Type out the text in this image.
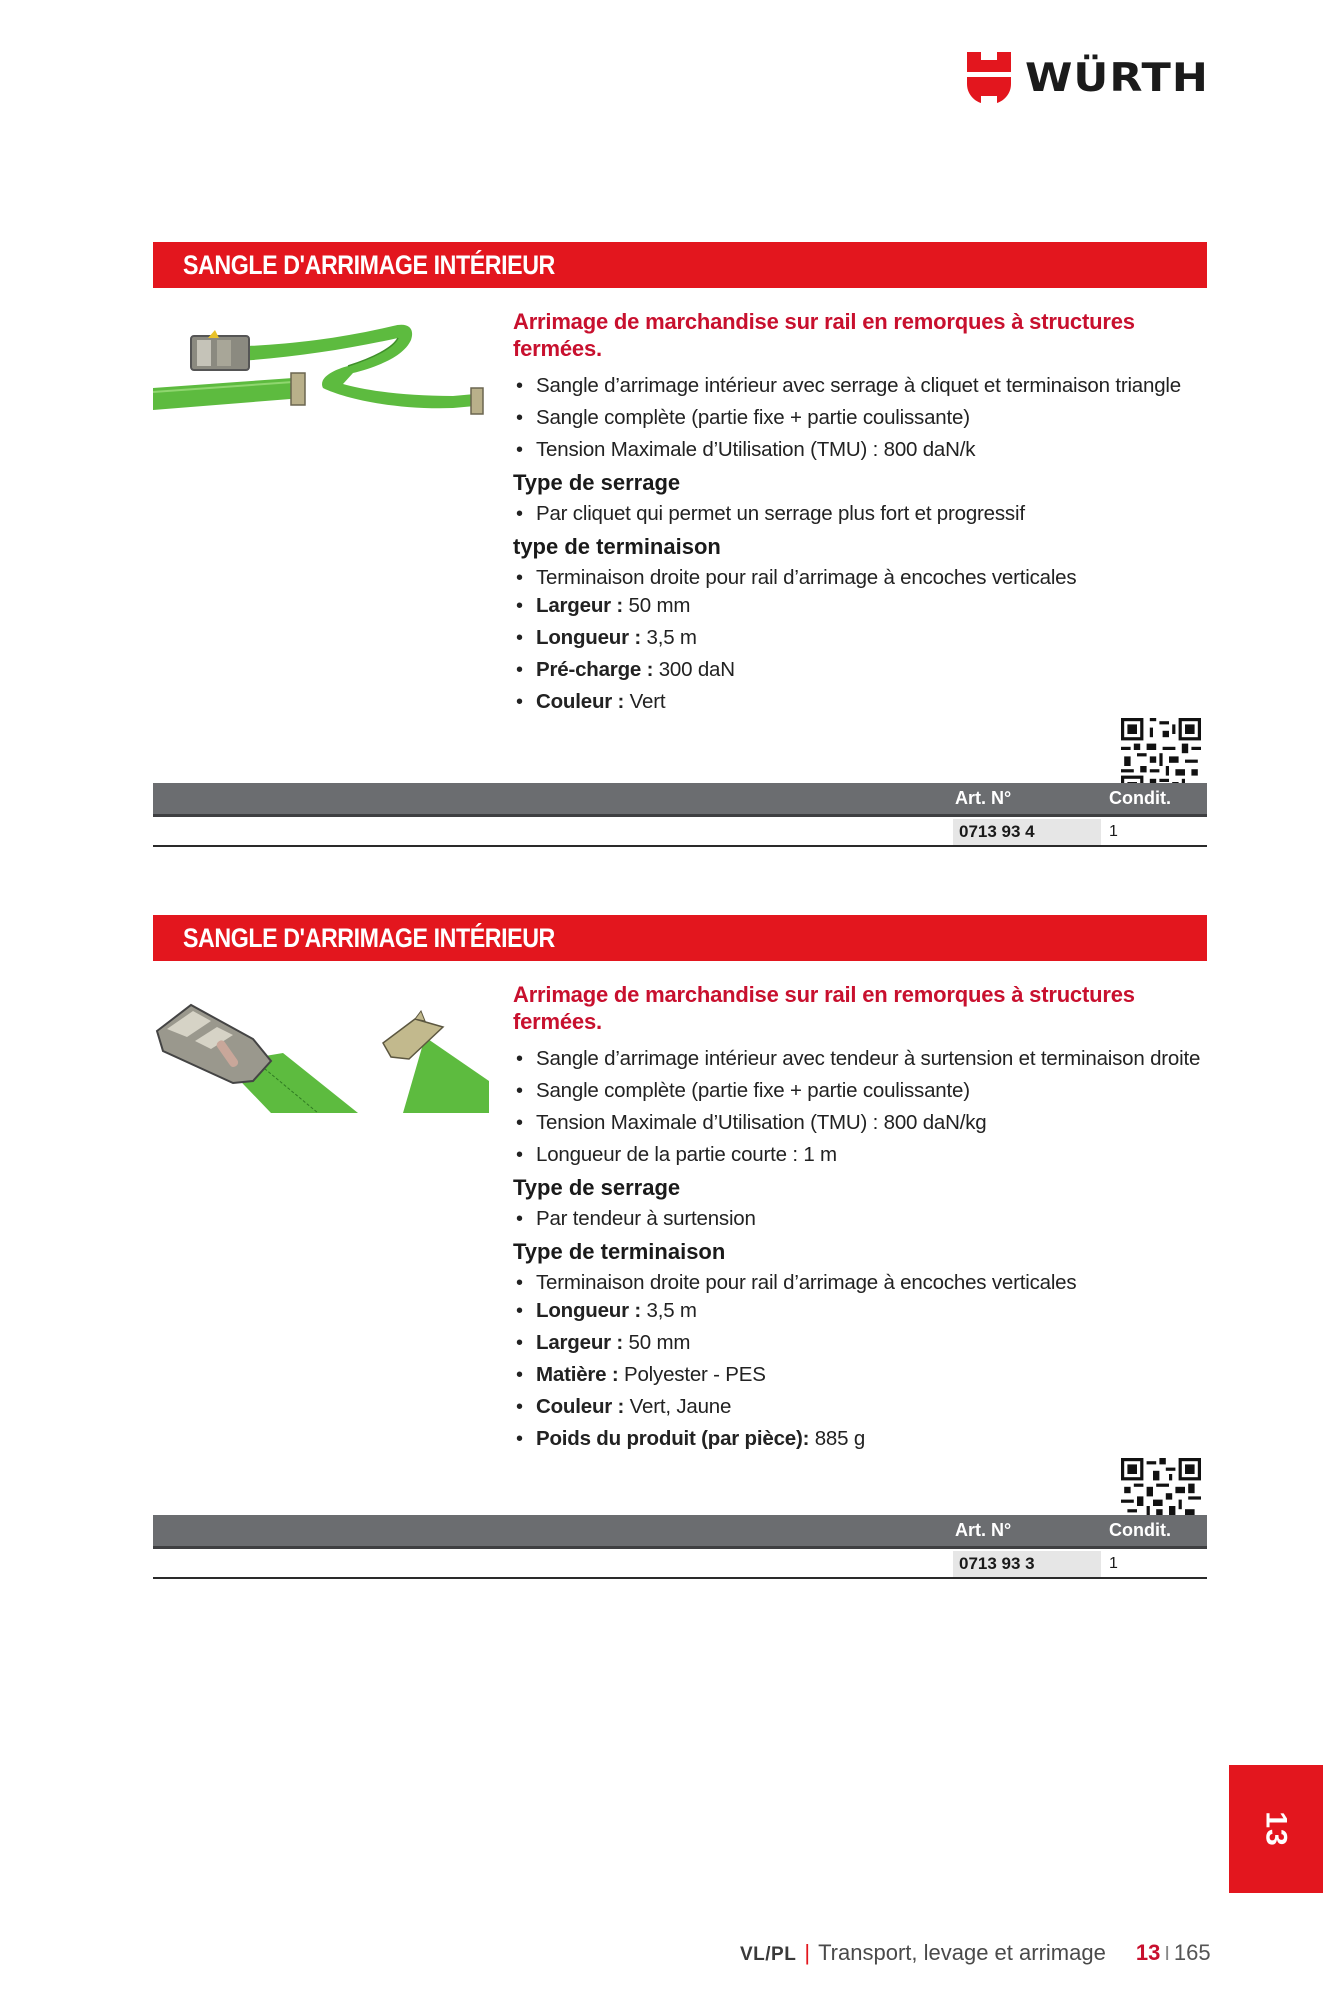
WÜRTH
SANGLE D'ARRIMAGE INTÉRIEUR
Arrimage de marchandise sur rail en remorques à structures fermées.
• Sangle d’arrimage intérieur avec serrage à cliquet et terminaison triangle
• Sangle complète (partie fixe + partie coulissante)
• Tension Maximale d’Utilisation (TMU) : 800 daN/k
Type de serrage
• Par cliquet qui permet un serrage plus fort et progressif
type de terminaison
• Terminaison droite pour rail d’arrimage à encoches verticales
• Largeur : 50 mm
• Longueur : 3,5 m
• Pré-charge : 300 daN
• Couleur : Vert
Art. N°	Condit.
0713 93 4	1
SANGLE D'ARRIMAGE INTÉRIEUR
Arrimage de marchandise sur rail en remorques à structures fermées.
• Sangle d’arrimage intérieur avec tendeur à surtension et terminaison droite
• Sangle complète (partie fixe + partie coulissante)
• Tension Maximale d’Utilisation (TMU) : 800 daN/kg
• Longueur de la partie courte : 1 m
Type de serrage
• Par tendeur à surtension
Type de terminaison
• Terminaison droite pour rail d’arrimage à encoches verticales
• Longueur : 3,5 m
• Largeur : 50 mm
• Matière : Polyester - PES
• Couleur : Vert, Jaune
• Poids du produit (par pièce): 885 g
Art. N°	Condit.
0713 93 3	1
13
VL/PL | Transport, levage et arrimage 13 I 165
